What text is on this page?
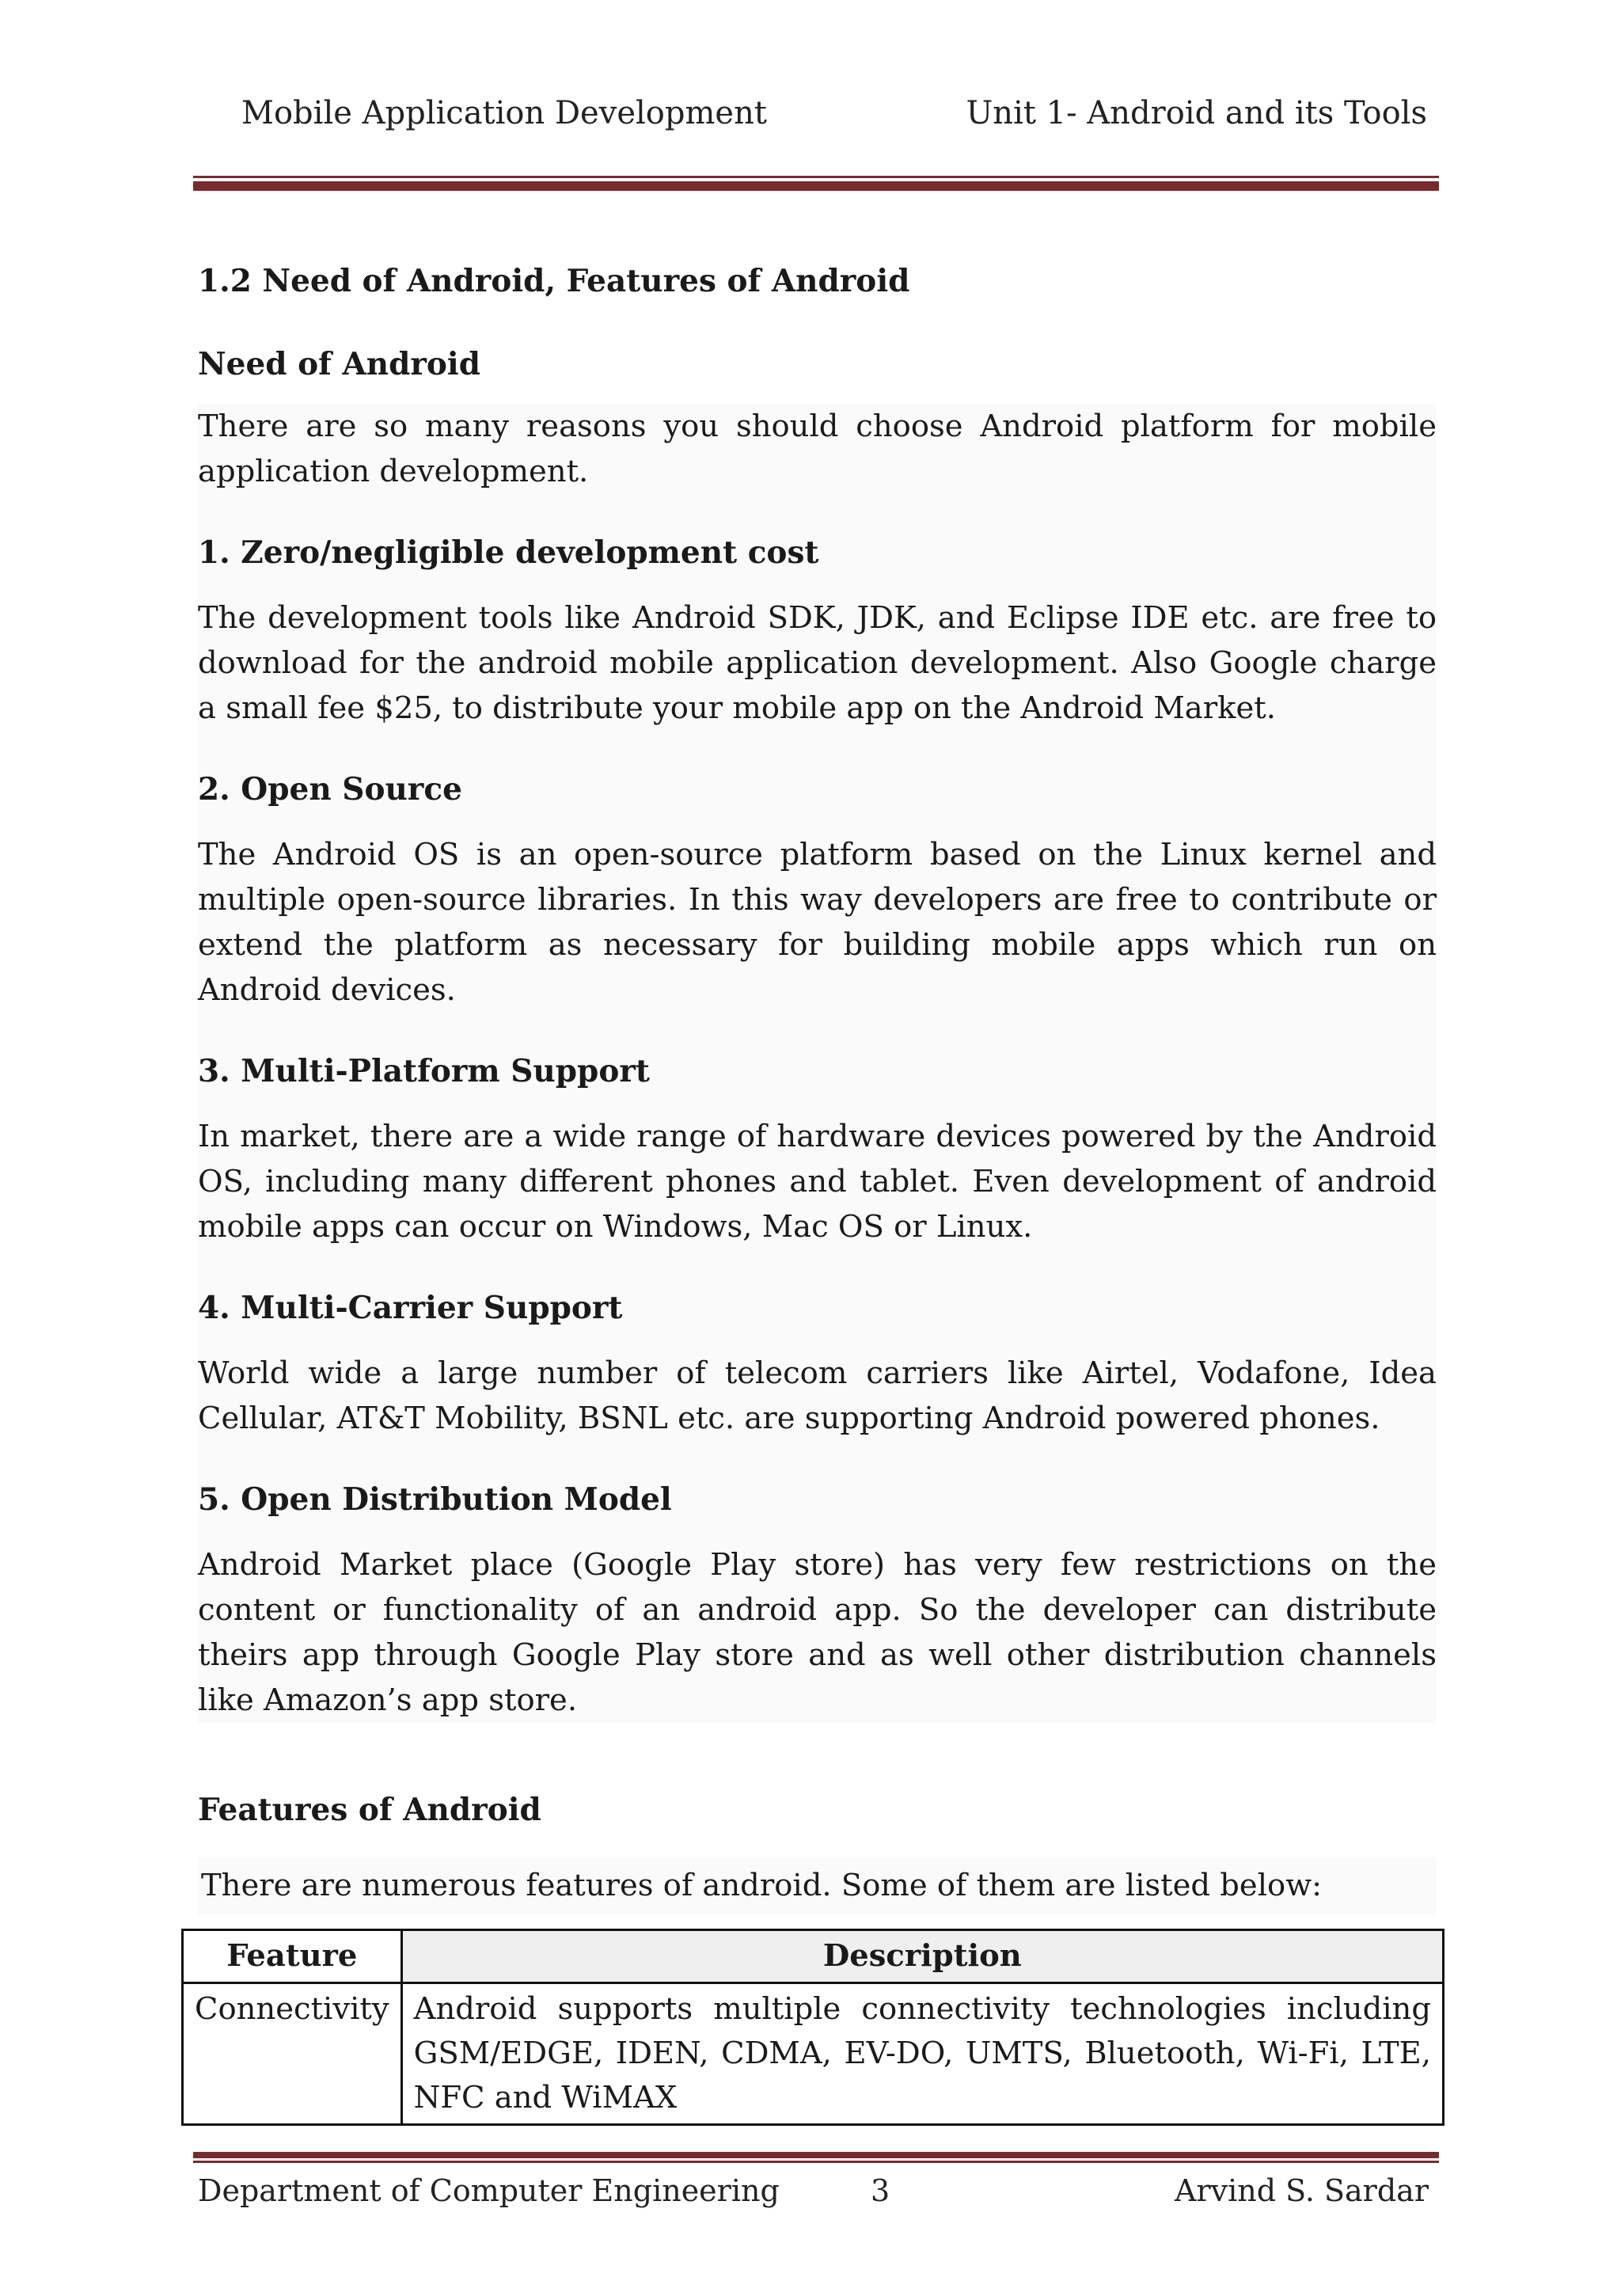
Mobile Application Development	Unit 1- Android and its Tools
1.2 Need of Android, Features of Android
Need of Android

There are so many reasons you should choose Android platform for mobile application development.

1. Zero/negligible development cost

The development tools like Android SDK, JDK, and Eclipse IDE etc. are free to download for the android mobile application development. Also Google charge a small fee $25, to distribute your mobile app on the Android Market.

2. Open Source

The Android OS is an open-source platform based on the Linux kernel and multiple open-source libraries. In this way developers are free to contribute or extend the platform as necessary for building mobile apps which run on Android devices.

3. Multi-Platform Support

In market, there are a wide range of hardware devices powered by the Android OS, including many different phones and tablet. Even development of android mobile apps can occur on Windows, Mac OS or Linux.

4. Multi-Carrier Support

World wide a large number of telecom carriers like Airtel, Vodafone, Idea Cellular, AT&T Mobility, BSNL etc. are supporting Android powered phones.

5. Open Distribution Model

Android Market place (Google Play store) has very few restrictions on the content or functionality of an android app. So the developer can distribute theirs app through Google Play store and as well other distribution channels like Amazon’s app store.

Features of Android
There are numerous features of android. Some of them are listed below:
Feature	Description
Connectivity	Android supports multiple connectivity technologies including GSM/EDGE, IDEN, CDMA, EV-DO, UMTS, Bluetooth, Wi-Fi, LTE, NFC and WiMAX
Department of Computer Engineering	3	Arvind S. Sardar
